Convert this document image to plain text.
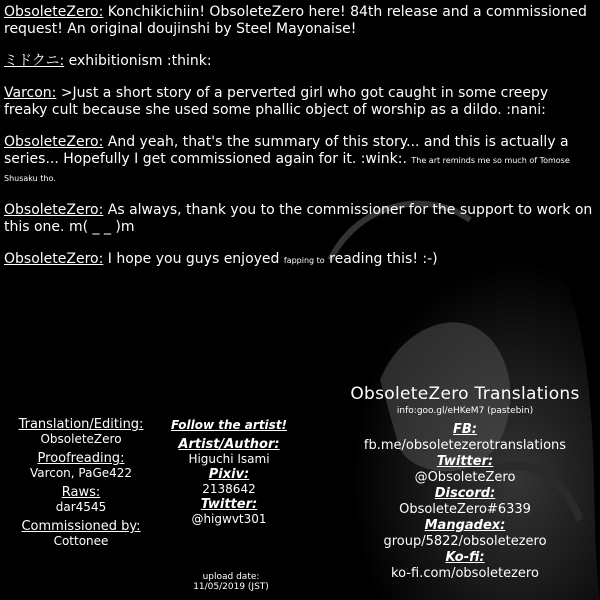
ObsoleteZero: Konchikichiin! ObsoleteZero here! 84th release and a commissioned request! An original doujinshi by Steel Mayonaise!

ミドクニ: exhibitionism :think:

Varcon: >Just a short story of a perverted girl who got caught in some creepy freaky cult because she used some phallic object of worship as a dildo. :nani:

ObsoleteZero: And yeah, that's the summary of this story... and this is actually a series... Hopefully I get commissioned again for it. :wink:. The art reminds me so much of Tomose Shusaku tho.

ObsoleteZero: As always, thank you to the commissioner for the support to work on this one. m( _ _ )m

ObsoleteZero: I hope you guys enjoyed fapping to reading this! :-)

ObsoleteZero Translations
info:goo.gl/eHKeM7 (pastebin)
FB:
fb.me/obsoletezerotranslations
Twitter:
@ObsoleteZero
Discord:
ObsoleteZero#6339
Mangadex:
group/5822/obsoletezero
Ko-fi:
ko-fi.com/obsoletezero
Translation/Editing:
ObsoleteZero
Proofreading:
Varcon, PaGe422
Raws:
dar4545
Commissioned by:
Cottonee
Follow the artist!
Artist/Author:
Higuchi Isami
Pixiv:
2138642
Twitter:
@higwvt301
upload date:
11/05/2019 (JST)
